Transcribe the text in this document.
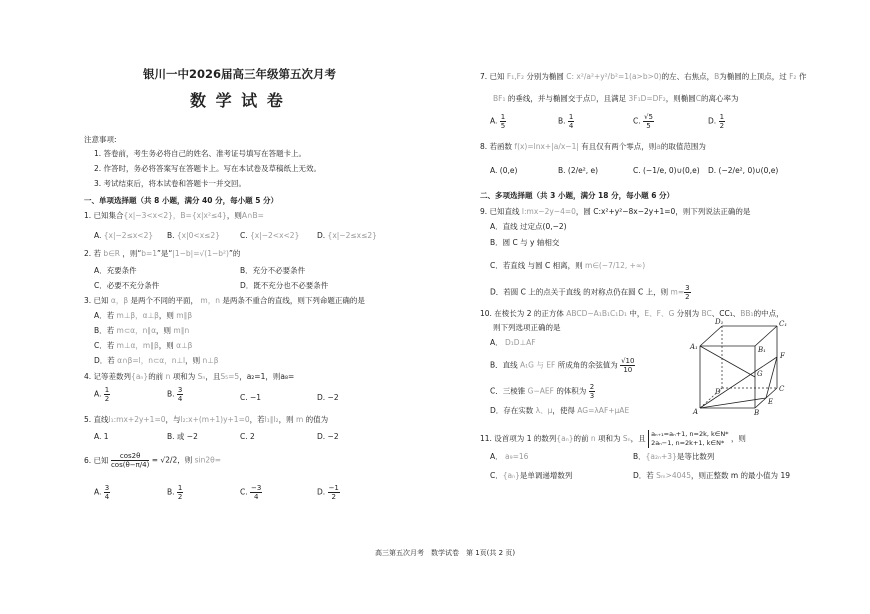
银川一中2026届高三年级第五次月考
数 学 试 卷
注意事项:
1. 答卷前，考生务必将自己的姓名、准考证号填写在答题卡上。
2. 作答时，务必将答案写在答题卡上。写在本试卷及草稿纸上无效。
3. 考试结束后，将本试卷和答题卡一并交回。
一、单项选择题（共 8 小题，满分 40 分，每小题 5 分）
1. 已知集合{x|−3<x<2}，B={x|x²≤4}，则A∩B=
A. {x|−2≤x<2} B. {x|0<x≤2}	C. {x|−2<x<2} D. {x|−2≤x≤2}
2. 若 b∈R ，则“b=1”是“|1−b|=√(1−b²)”的
A．充要条件	B．充分不必要条件
C．必要不充分条件	D．既不充分也不必要条件
3. 已知 α，β 是两个不同的平面， m，n 是两条不重合的直线，则下列命题正确的是
A．若 m⊥β，α⊥β，则 m∥β
B．若 m⊂α，n∥α，则 m∥n
C．若 m⊥α，m∥β，则 α⊥β
D．若 α∩β=l，n⊂α，n⊥l，则 n⊥β
4. 记等差数列{aₙ}的前 n 项和为 Sₙ，且S₅=5，a₂=1，则a₈=
A. $\frac{1}{2}$	B. $\frac{3}{4}$	C. −1	D. −2
5. 直线l₁:mx+2y+1=0，与l₂:x+(m+1)y+1=0，若l₁∥l₂，则 m 的值为
A. 1	B. 或 −2	C. 2	D. −2
6. 已知 $\frac{\cos 2\theta}{\cos(\theta-\pi/4)} = √2/2$，则 sin2θ=
A. $\frac{3}{4}$	B. $\frac{1}{2}$	C. $\frac{-3}{4}$	D. $\frac{-1}{2}$
7. 已知 F₁,F₂ 分别为椭圆 C: x²/a²+y²/b²=1(a>b>0)的左、右焦点，B为椭圆的上顶点，过 F₂ 作
BF₁ 的垂线，并与椭圆交于点D，且满足 3F₁D=DF₂，则椭圆C的离心率为
A. $\frac{1}{5}$	B. $\frac{1}{4}$	C. $\frac{√5}{5}$	D. $\frac{1}{2}$
8. 若函数 f(x)=lnx+|a/x−1| 有且仅有两个零点，则a的取值范围为
A. (0,e)	B. (2/e², e)	C. (−1/e, 0)∪(0,e) D. (−2/e², 0)∪(0,e)
二、多项选择题（共 3 小题，满分 18 分，每小题 6 分）
9. 已知直线 l:mx−2y−4=0，圆 C:x²+y²−8x−2y+1=0，则下列说法正确的是
A．直线 过定点(0,−2)
B．圆 C 与 y 轴相交
C．若直线 与圆 C 相离，则 m∈(−7/12, +∞)
D．若圆 C 上的点关于直线 的对称点仍在圆 C 上，则 $m= \frac{3}{2}$
10. 在棱长为 2 的正方体 ABCD−A₁B₁C₁D₁ 中，E、F、G 分别为 BC、CC₁、BB₁的中点，
则下列选项正确的是
A． D₁D⊥AF
B．直线 A₁G 与 EF 所成角的余弦值为 $\frac{√10}{10}$
C．三棱锥 G−AEF 的体积为 $\frac{2}{3}$
D．存在实数 λ、μ，使得 AG=λAF+μAE
D₁	C₁
A₁	B₁
F
G
D	C
A	B
E
11. 设首项为 1 的数列{aₙ}的前 n 项和为 Sₙ，且 aₙ₊₁=aₙ+1, n=2k, k∈N*
2aₙ−1, n=2k+1, k∈N* ，则
A． a₉=16	B．{a₂ₙ+3}是等比数列
C．{aₙ}是单调递增数列	D．若 Sₘ>4045，则正整数 m 的最小值为 19
高三第五次月考　数学试卷　第 1页(共 2 页)
